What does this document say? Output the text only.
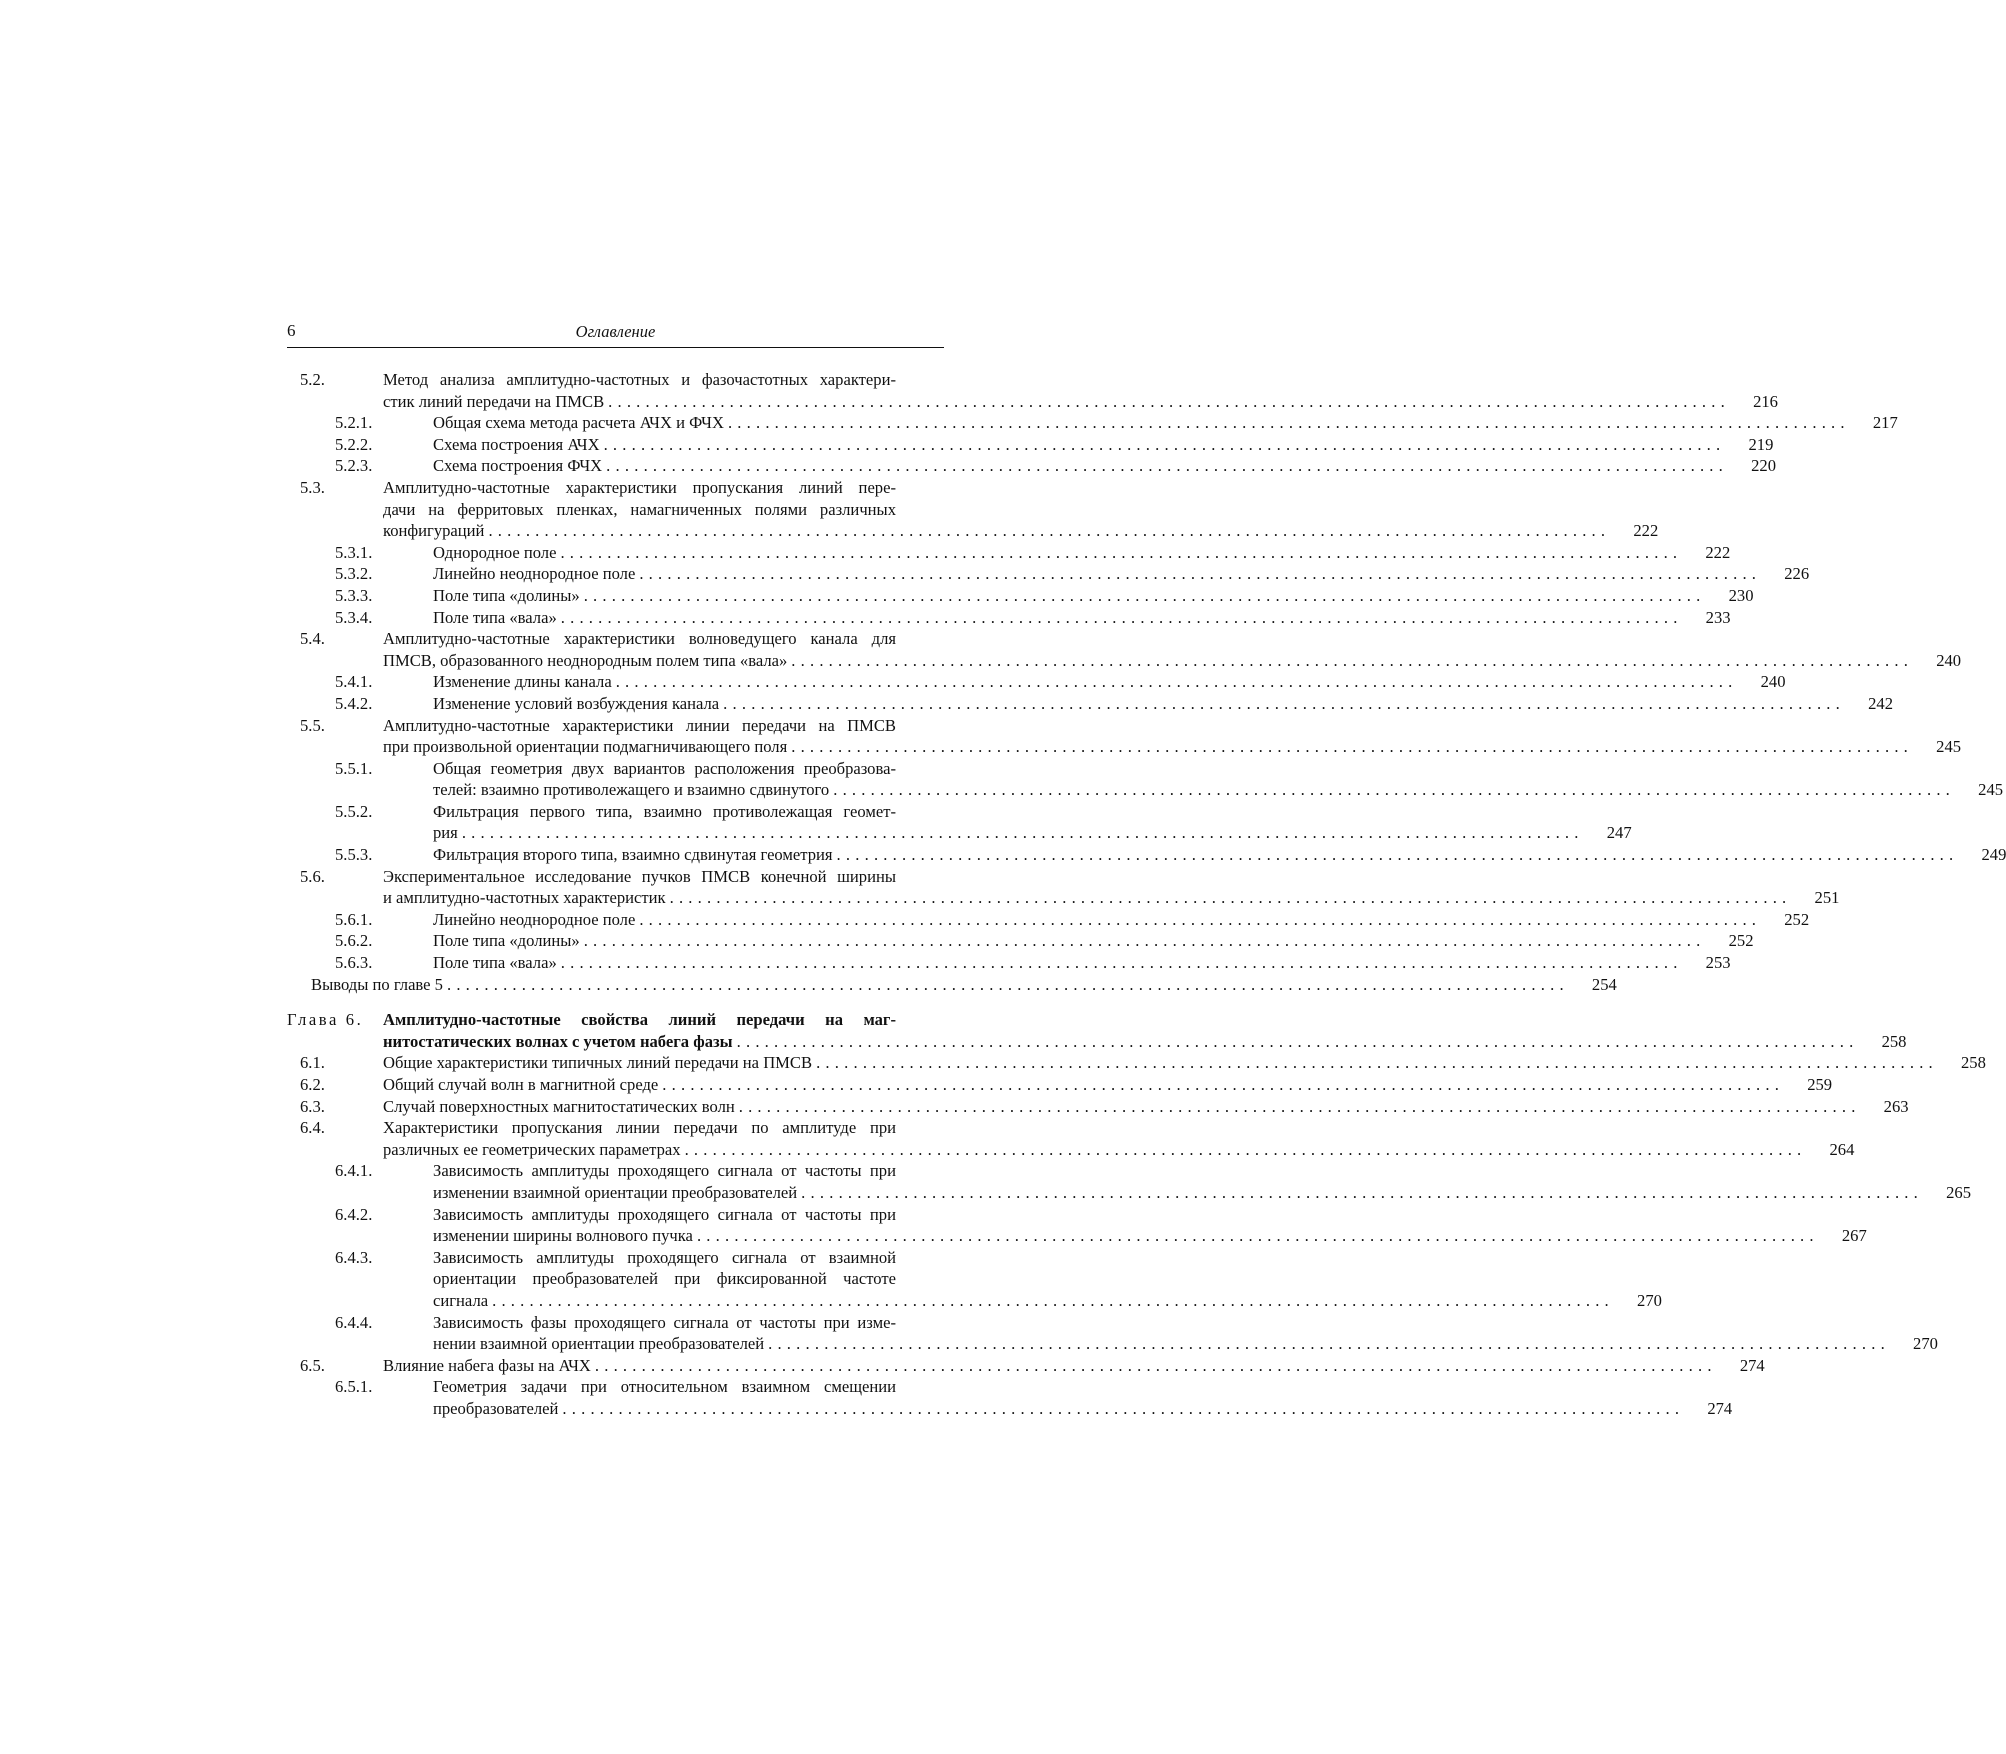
6	Оглавление
5.2.	Метод анализа амплитудно-частотных и фазочастотных характери-
стик линий передачи на ПМСВ ........................................................................................................................	216
5.2.1.	Общая схема метода расчета АЧХ и ФЧХ ........................................................................................................................	217
5.2.2.	Схема построения АЧХ ........................................................................................................................	219
5.2.3.	Схема построения ФЧХ ........................................................................................................................	220
5.3.	Амплитудно-частотные характеристики пропускания линий пере-
дачи на ферритовых пленках, намагниченных полями различных
конфигураций ........................................................................................................................	222
5.3.1.	Однородное поле ........................................................................................................................	222
5.3.2.	Линейно неоднородное поле ........................................................................................................................	226
5.3.3.	Поле типа «долины» ........................................................................................................................	230
5.3.4.	Поле типа «вала» ........................................................................................................................	233
5.4.	Амплитудно-частотные характеристики волноведущего канала для
ПМСВ, образованного неоднородным полем типа «вала» ........................................................................................................................	240
5.4.1.	Изменение длины канала ........................................................................................................................	240
5.4.2.	Изменение условий возбуждения канала ........................................................................................................................	242
5.5.	Амплитудно-частотные характеристики линии передачи на ПМСВ
при произвольной ориентации подмагничивающего поля ........................................................................................................................	245
5.5.1.	Общая геометрия двух вариантов расположения преобразова-
телей: взаимно противолежащего и взаимно сдвинутого ........................................................................................................................	245
5.5.2.	Фильтрация первого типа, взаимно противолежащая геомет-
рия ........................................................................................................................	247
5.5.3.	Фильтрация второго типа, взаимно сдвинутая геометрия ........................................................................................................................	249
5.6.	Экспериментальное исследование пучков ПМСВ конечной ширины
и амплитудно-частотных характеристик ........................................................................................................................	251
5.6.1.	Линейно неоднородное поле ........................................................................................................................	252
5.6.2.	Поле типа «долины» ........................................................................................................................	252
5.6.3.	Поле типа «вала» ........................................................................................................................	253
Выводы по главе 5 ........................................................................................................................	254
Глава 6. Амплитудно-частотные свойства линий передачи на маг-
нитостатических волнах с учетом набега фазы ........................................................................................................................	258
6.1.	Общие характеристики типичных линий передачи на ПМСВ ........................................................................................................................	258
6.2.	Общий случай волн в магнитной среде ........................................................................................................................	259
6.3.	Случай поверхностных магнитостатических волн ........................................................................................................................	263
6.4.	Характеристики пропускания линии передачи по амплитуде при
различных ее геометрических параметрах ........................................................................................................................	264
6.4.1.	Зависимость амплитуды проходящего сигнала от частоты при
изменении взаимной ориентации преобразователей ........................................................................................................................	265
6.4.2.	Зависимость амплитуды проходящего сигнала от частоты при
изменении ширины волнового пучка ........................................................................................................................	267
6.4.3.	Зависимость амплитуды проходящего сигнала от взаимной
ориентации преобразователей при фиксированной частоте
сигнала ........................................................................................................................	270
6.4.4.	Зависимость фазы проходящего сигнала от частоты при изме-
нении взаимной ориентации преобразователей ........................................................................................................................	270
6.5.	Влияние набега фазы на АЧХ ........................................................................................................................	274
6.5.1.	Геометрия задачи при относительном взаимном смещении
преобразователей ........................................................................................................................	274
